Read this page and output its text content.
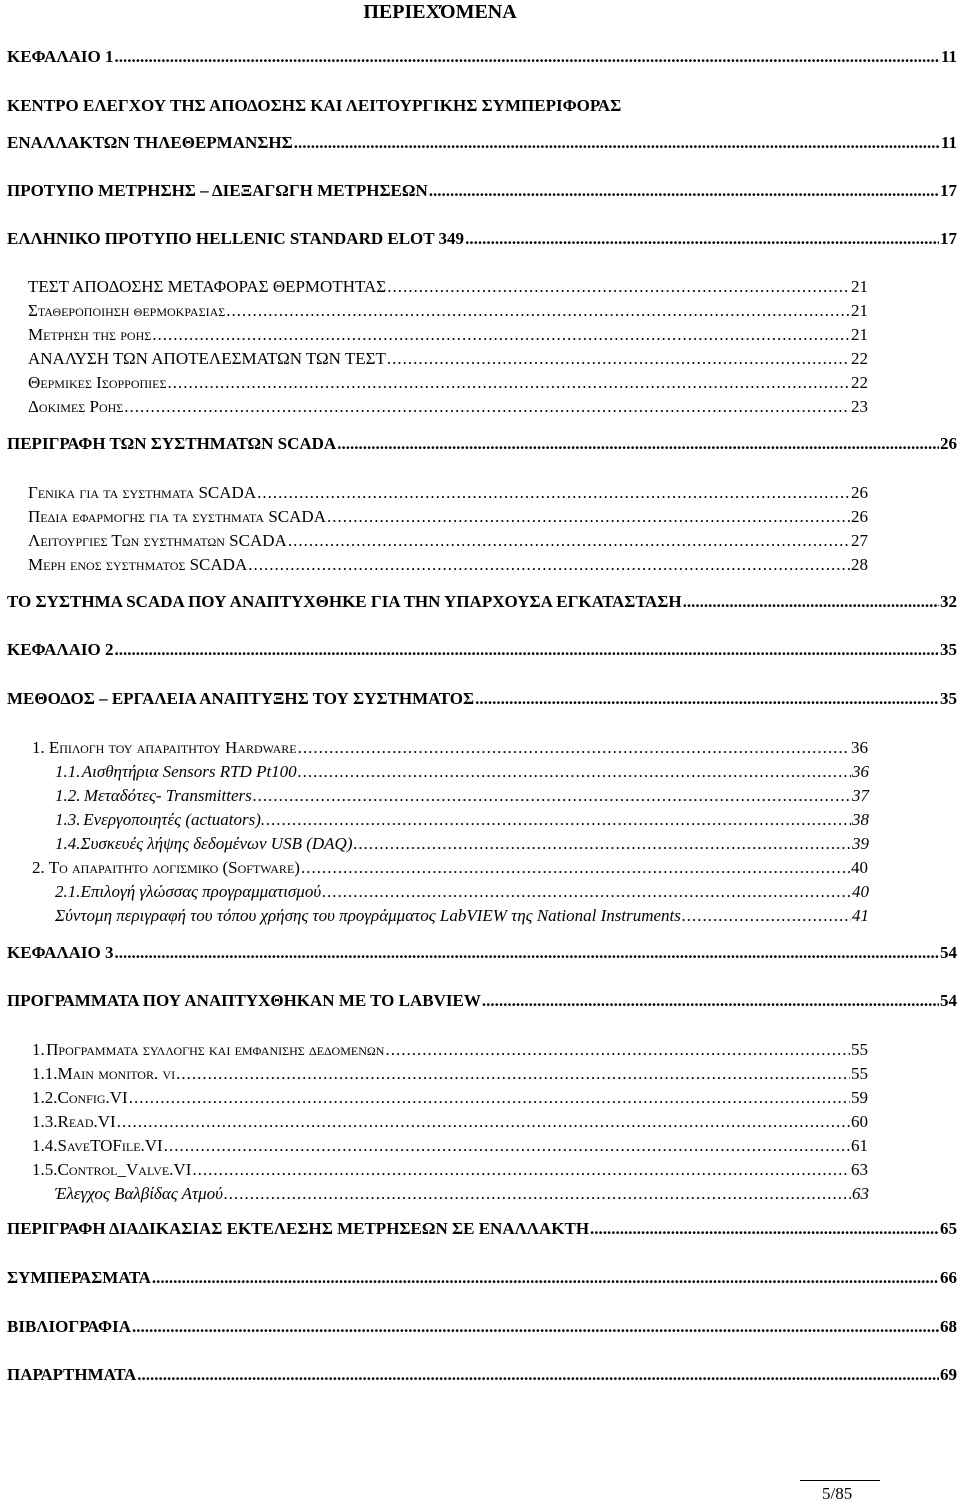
ΠΕΡΙΕΧΌΜΕΝΑ
ΚΕΦΑΛΑΙΟ 1 .....	11
ΚΕΝΤΡΟ ΕΛΕΓΧΟΥ ΤΗΣ ΑΠΟΔΟΣΗΣ ΚΑΙ ΛΕΙΤΟΥΡΓΙΚΗΣ ΣΥΜΠΕΡΙΦΟΡΑΣ
ΕΝΑΛΛΑΚΤΩΝ ΤΗΛΕΘΕΡΜΑΝΣΗΣ .....	11
ΠΡΟΤΥΠΟ ΜΕΤΡΗΣΗΣ – ΔΙΕΞΑΓΩΓΗ ΜΕΤΡΗΣΕΩΝ .....	17
ΕΛΛΗΝΙΚΟ ΠΡΟΤΥΠΟ HELLENIC STANDARD ELOT 349 .....	17
ΤΕΣΤ ΑΠΟΔΟΣΗΣ ΜΕΤΑΦΟΡΑΣ ΘΕΡΜΟΤΗΤΑΣ .....	21
Σταθεροποιηση θερμοκρασιας .....	21
Μετρηση της ροης .....	21
ΑΝΑΛΥΣΗ ΤΩΝ ΑΠΟΤΕΛΕΣΜΑΤΩΝ ΤΩΝ ΤΕΣΤ .....	22
Θερμικες Ισορροπιες .....	22
Δοκιμες Ροης .....	23
ΠΕΡΙΓΡΑΦΗ ΤΩΝ ΣΥΣΤΗΜΑΤΩΝ SCADA .....	26
Γενικα για τα συστηματα SCADA .....	26
Πεδια εφαρμογης για τα συστηματα SCADA .....	26
Λειτουργιες Των συστηματων SCADA .....	27
Μερη ενος συστηματος SCADA .....	28
ΤΟ ΣΥΣΤΗΜΑ SCADA ΠΟΥ ΑΝΑΠΤΥΧΘΗΚΕ ΓΙΑ ΤΗΝ ΥΠΑΡΧΟΥΣΑ ΕΓΚΑΤΑΣΤΑΣΗ .....	32
ΚΕΦΑΛΑΙΟ 2 .....	35
ΜΕΘΟΔΟΣ – ΕΡΓΑΛΕΙΑ ΑΝΑΠΤΥΞΗΣ ΤΟΥ ΣΥΣΤΗΜΑΤΟΣ .....	35
1. Επιλογη του απαραιτητου Hardware .....	36
1.1. Αισθητήρια Sensors RTD Pt100 .....	36
1.2. Μεταδότες- Transmitters .....	37
1.3. Ενεργοποιητές (actuators). .....	38
1.4. Συσκευές λήψης δεδομένων USB (DAQ) .....	39
2. Το απαραιτητο λογισμικο (Software) .....	40
2.1. Επιλογή γλώσσας προγραμματισμού .....	40
Σύντομη περιγραφή του τόπου χρήσης του προγράμματος LabVIEW της National Instruments .....	41
ΚΕΦΑΛΑΙΟ 3 .....	54
ΠΡΟΓΡΑΜΜΑΤΑ ΠΟΥ ΑΝΑΠΤΥΧΘΗΚΑΝ ΜΕ ΤΟ LABVIEW .....	54
1. Προγραμματα συλλογης και εμφανισης δεδομενων .....	55
1.1. Main monitor. vi .....	55
1.2. Config.VI .....	59
1.3. Read.VI .....	60
1.4. SaveTOFile.VI .....	61
1.5. Control_Valve.VI .....	63
Έλεγχος Βαλβίδας Ατμού .....	63
ΠΕΡΙΓΡΑΦΗ ΔΙΑΔΙΚΑΣΙΑΣ ΕΚΤΕΛΕΣΗΣ ΜΕΤΡΗΣΕΩΝ ΣΕ ΕΝΑΛΛΑΚΤΗ .....	65
ΣΥΜΠΕΡΑΣΜΑΤΑ .....	66
ΒΙΒΛΙΟΓΡΑΦΙΑ .....	68
ΠΑΡΑΡΤΗΜΑΤΑ .....	69
5/85
